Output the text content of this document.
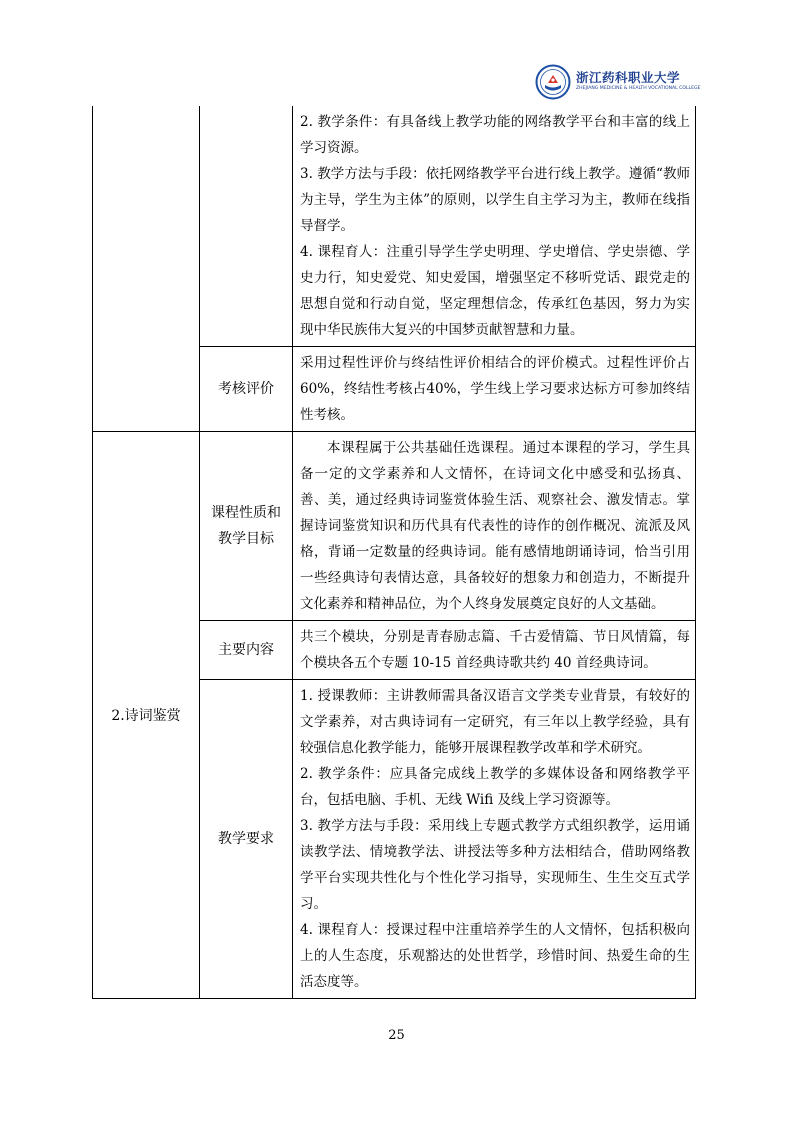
浙江药科职业大学
ZHEJIANG MEDICINE & HEALTH VOCATIONAL COLLEGE

		2. 教学条件：有具备线上教学功能的网络教学平台和丰富的线上学习资源。

3. 教学方法与手段：依托网络教学平台进行线上教学。遵循“教师为主导，学生为主体”的原则，以学生自主学习为主，教师在线指导督学。

4. 课程育人：注重引导学生学史明理、学史增信、学史崇德、学史力行，知史爱党、知史爱国，增强坚定不移听党话、跟党走的思想自觉和行动自觉，坚定理想信念，传承红色基因，努力为实现中华民族伟大复兴的中国梦贡献智慧和力量。

	考核评价	采用过程性评价与终结性评价相结合的评价模式。过程性评价占60%，终结性考核占40%，学生线上学习要求达标方可参加终结性考核。
2.诗词鉴赏	课程性质和教学目标	本课程属于公共基础任选课程。通过本课程的学习，学生具备一定的文学素养和人文情怀，在诗词文化中感受和弘扬真、善、美，通过经典诗词鉴赏体验生活、观察社会、激发情志。掌握诗词鉴赏知识和历代具有代表性的诗作的创作概况、流派及风格，背诵一定数量的经典诗词。能有感情地朗诵诗词，恰当引用一些经典诗句表情达意，具备较好的想象力和创造力，不断提升文化素养和精神品位，为个人终身发展奠定良好的人文基础。

	主要内容	共三个模块，分别是青春励志篇、千古爱情篇、节日风情篇，每个模块各五个专题 10-15 首经典诗歌共约 40 首经典诗词。
	教学要求	1. 授课教师：主讲教师需具备汉语言文学类专业背景，有较好的文学素养，对古典诗词有一定研究，有三年以上教学经验，具有较强信息化教学能力，能够开展课程教学改革和学术研究。

2. 教学条件：应具备完成线上教学的多媒体设备和网络教学平台，包括电脑、手机、无线 Wifi 及线上学习资源等。

3. 教学方法与手段：采用线上专题式教学方式组织教学，运用诵读教学法、情境教学法、讲授法等多种方法相结合，借助网络教学平台实现共性化与个性化学习指导，实现师生、生生交互式学习。

4. 课程育人：授课过程中注重培养学生的人文情怀，包括积极向上的人生态度，乐观豁达的处世哲学，珍惜时间、热爱生命的生活态度等。

25
